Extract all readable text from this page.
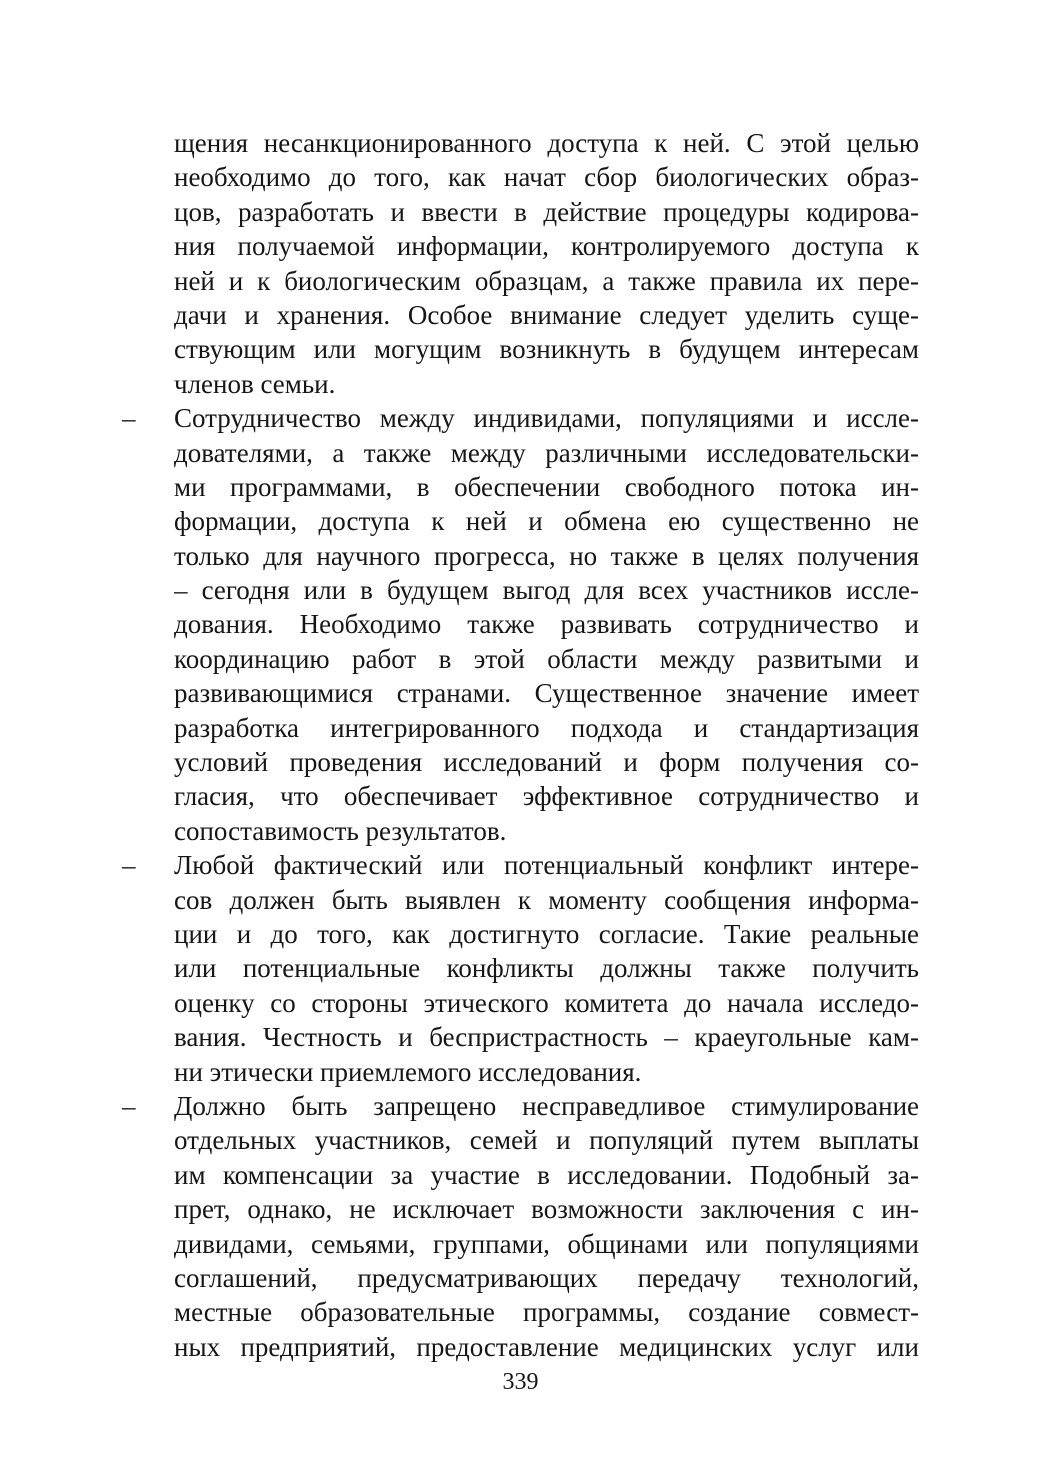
щения несанкционированного доступа к ней. С этой целью
необходимо до того, как начат сбор биологических образ-
цов, разработать и ввести в действие процедуры кодирова-
ния получаемой информации, контролируемого доступа к
ней и к биологическим образцам, а также правила их пере-
дачи и хранения. Особое внимание следует уделить суще-
ствующим или могущим возникнуть в будущем интересам
членов семьи.
– Сотрудничество между индивидами, популяциями и иссле-
дователями, а также между различными исследовательски-
ми программами, в обеспечении свободного потока ин-
формации, доступа к ней и обмена ею существенно не
только для научного прогресса, но также в целях получения
– сегодня или в будущем выгод для всех участников иссле-
дования. Необходимо также развивать сотрудничество и
координацию работ в этой области между развитыми и
развивающимися странами. Существенное значение имеет
разработка интегрированного подхода и стандартизация
условий проведения исследований и форм получения со-
гласия, что обеспечивает эффективное сотрудничество и
сопоставимость результатов.
– Любой фактический или потенциальный конфликт интере-
сов должен быть выявлен к моменту сообщения информа-
ции и до того, как достигнуто согласие. Такие реальные
или потенциальные конфликты должны также получить
оценку со стороны этического комитета до начала исследо-
вания. Честность и беспристрастность – краеугольные кам-
ни этически приемлемого исследования.
– Должно быть запрещено несправедливое стимулирование
отдельных участников, семей и популяций путем выплаты
им компенсации за участие в исследовании. Подобный за-
прет, однако, не исключает возможности заключения с ин-
дивидами, семьями, группами, общинами или популяциями
соглашений, предусматривающих передачу технологий,
местные образовательные программы, создание совмест-
ных предприятий, предоставление медицинских услуг или
339
